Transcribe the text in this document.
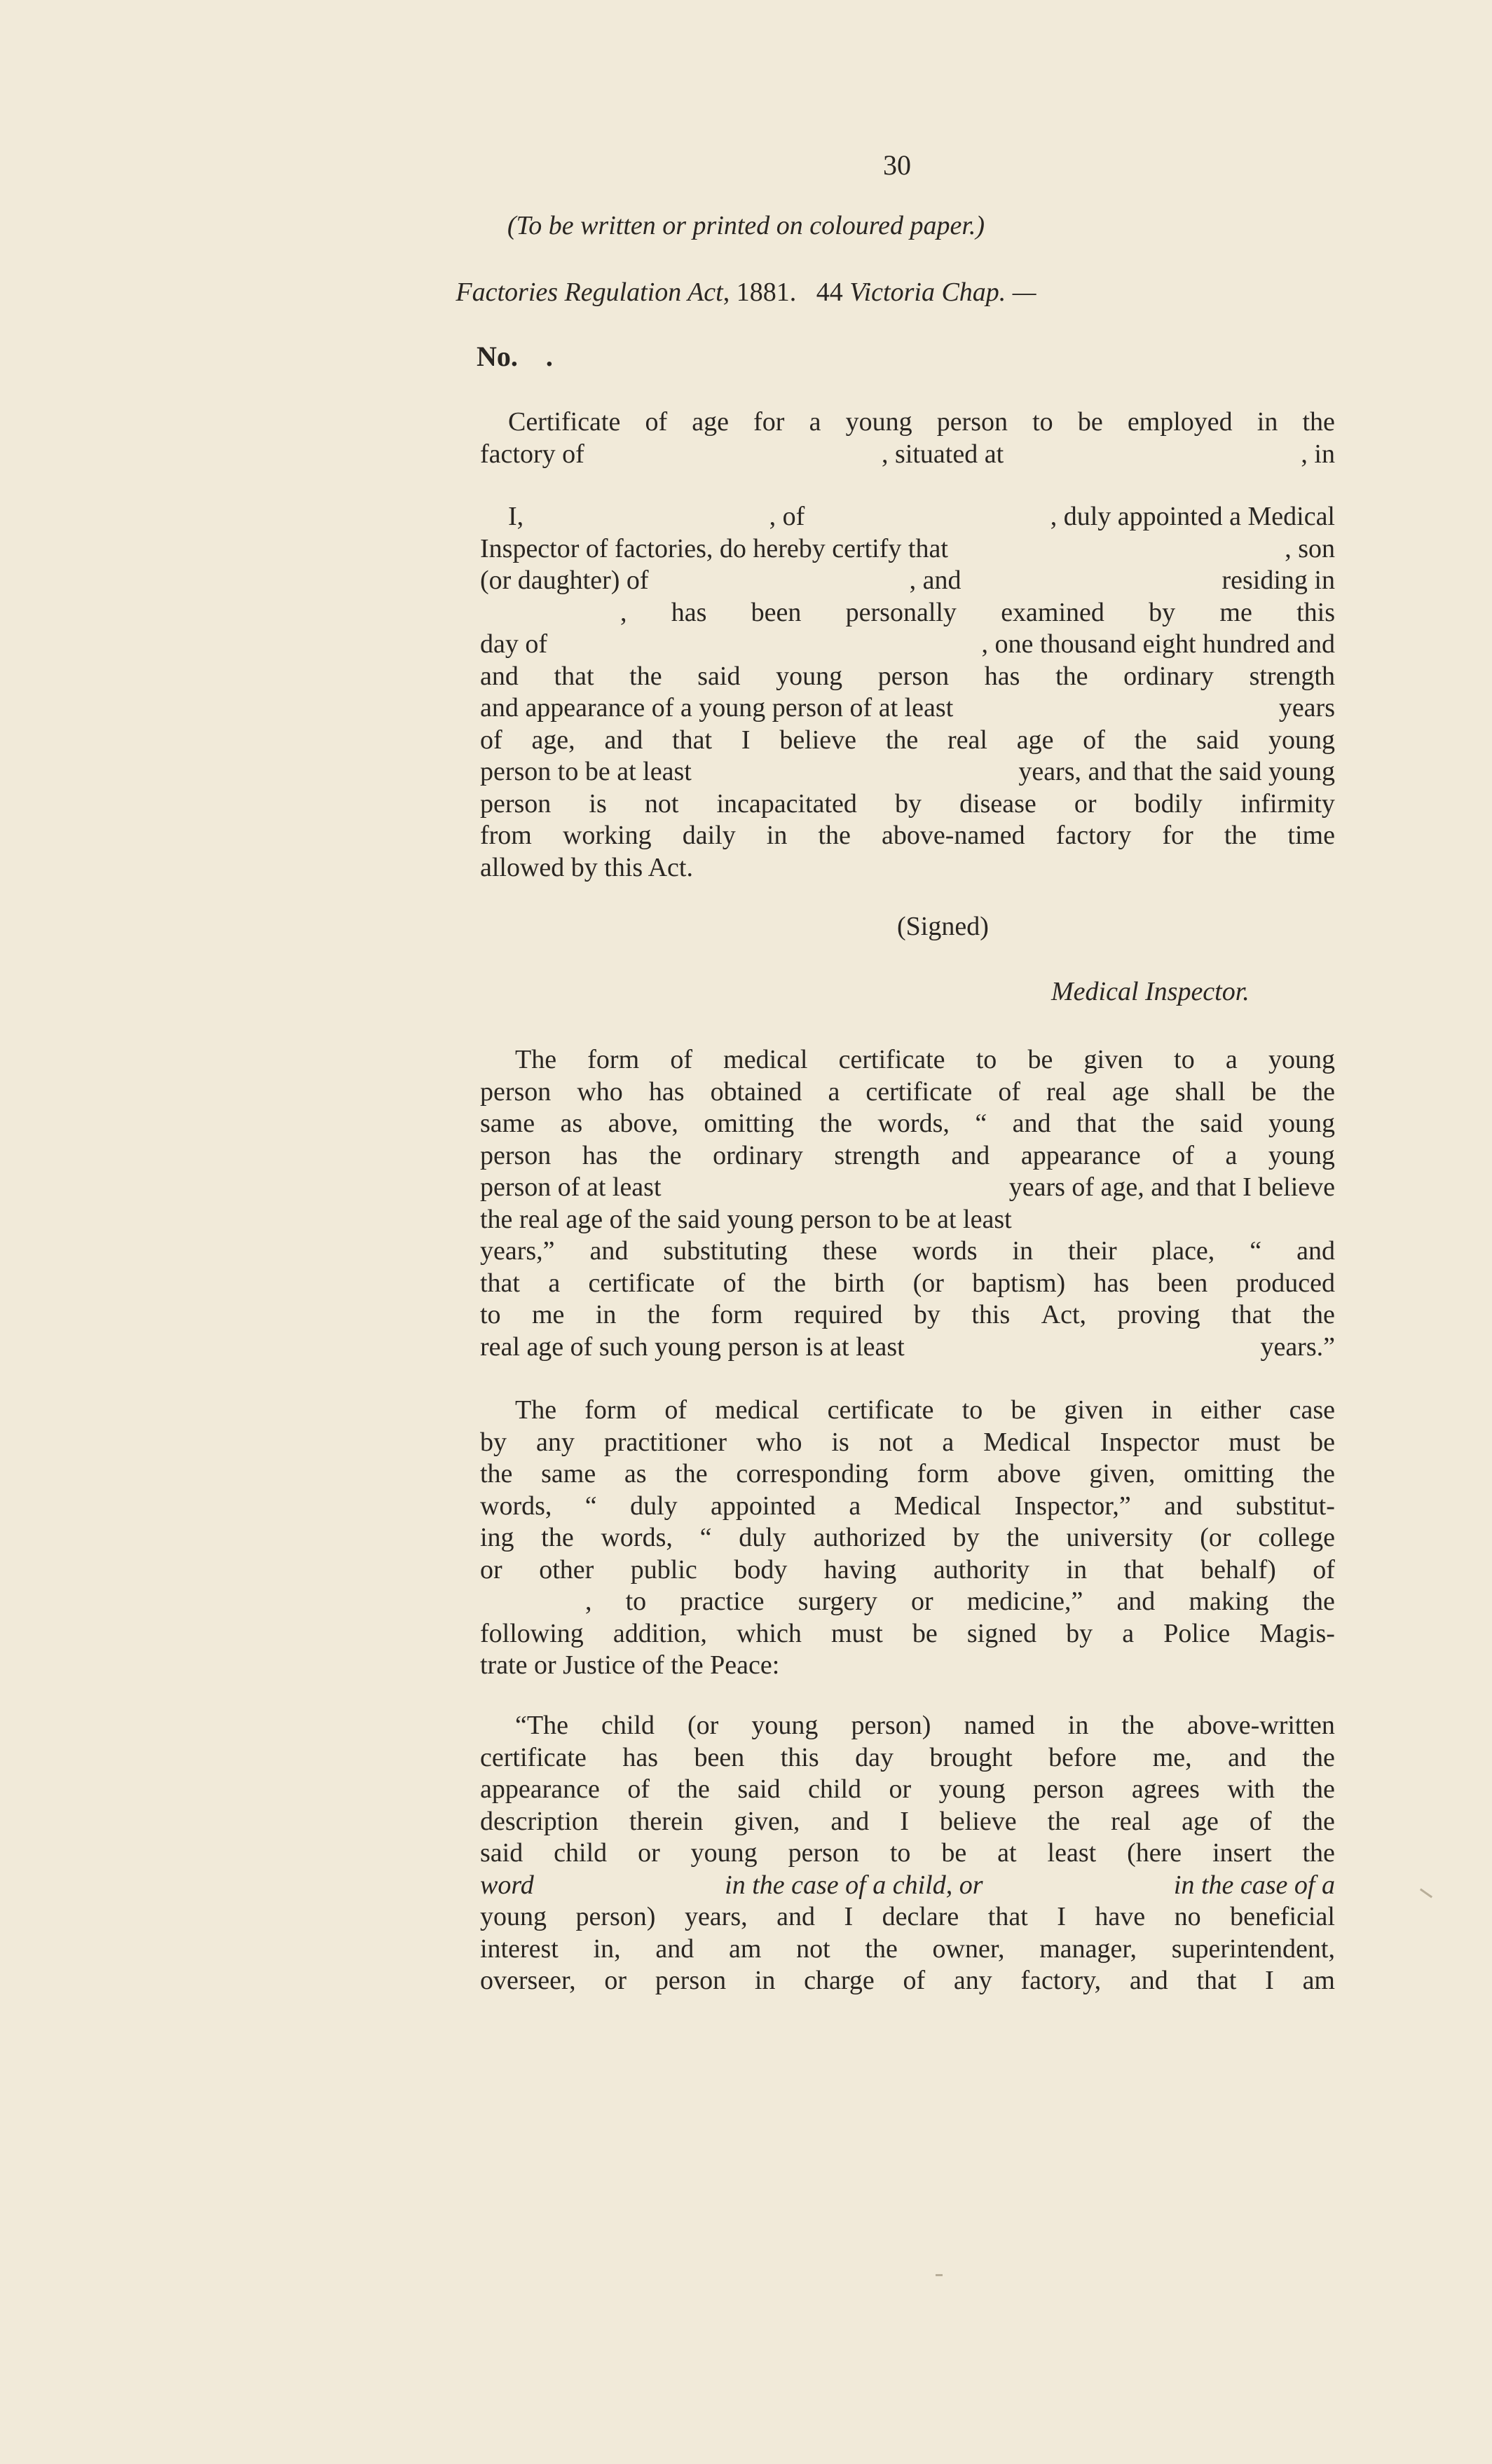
30
(To be written or printed on coloured paper.)
Factories Regulation Act, 1881. 44 Victoria Chap. —
No. .
Certificate of age for a young person to be employed in the
factory of	, situated at	, in
I,	, of	, duly appointed a Medical
Inspector of factories, do hereby certify that	, son
(or daughter) of	, and	residing in
, has been personally examined by me this
day of	, one thousand eight hundred and
and that the said young person has the ordinary strength
and appearance of a young person of at least	years
of age, and that I believe the real age of the said young
person to be at least	years, and that the said young
person is not incapacitated by disease or bodily infirmity
from working daily in the above-named factory for the time
allowed by this Act.
(Signed)
Medical Inspector.
The form of medical certificate to be given to a young
person who has obtained a certificate of real age shall be the
same as above, omitting the words, “ and that the said young
person has the ordinary strength and appearance of a young
person of at least	years of age, and that I believe
the real age of the said young person to be at least
years,” and substituting these words in their place, “ and
that a certificate of the birth (or baptism) has been produced
to me in the form required by this Act, proving that the
real age of such young person is at least	years.”
The form of medical certificate to be given in either case
by any practitioner who is not a Medical Inspector must be
the same as the corresponding form above given, omitting the
words, “ duly appointed a Medical Inspector,” and substitut-
ing the words, “ duly authorized by the university (or college
or other public body having authority in that behalf) of
, to practice surgery or medicine,” and making the
following addition, which must be signed by a Police Magis-
trate or Justice of the Peace:
“The child (or young person) named in the above-written
certificate has been this day brought before me, and the
appearance of the said child or young person agrees with the
description therein given, and I believe the real age of the
said child or young person to be at least (here insert the
word	in the case of a child, or	in the case of a
young person) years, and I declare that I have no beneficial
interest in, and am not the owner, manager, superintendent,
overseer, or person in charge of any factory, and that I am
